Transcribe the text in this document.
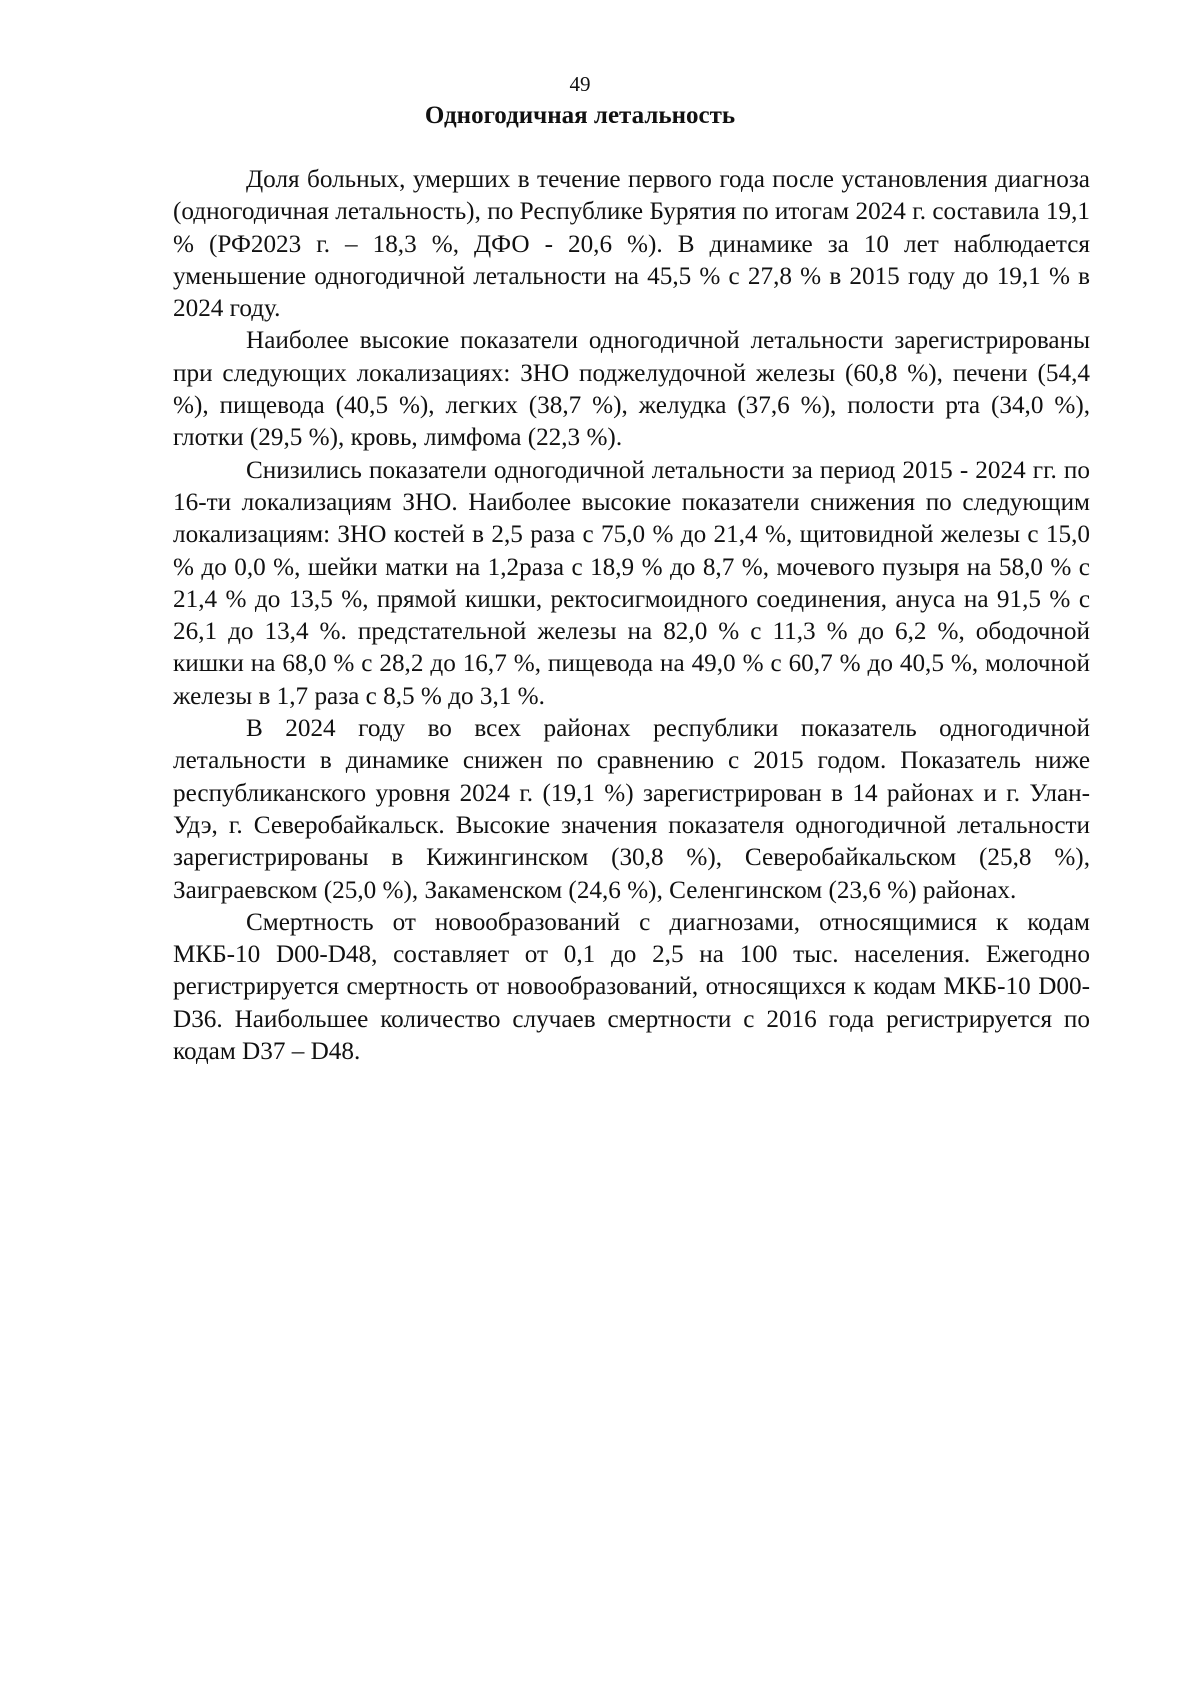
49
Одногодичная летальность

Доля больных, умерших в течение первого года после установления диагноза (одногодичная летальность), по Республике Бурятия по итогам 2024 г. составила 19,1 % (РФ2023 г. – 18,3 %, ДФО - 20,6 %). В динамике за 10 лет наблюдается уменьшение одногодичной летальности на 45,5 % с 27,8 % в 2015 году до 19,1 % в 2024 году.

Наиболее высокие показатели одногодичной летальности зарегистрированы при следующих локализациях: ЗНО поджелудочной железы (60,8 %), печени (54,4 %), пищевода (40,5 %), легких (38,7 %), желудка (37,6 %), полости рта (34,0 %), глотки (29,5 %), кровь, лимфома (22,3 %).

Снизились показатели одногодичной летальности за период 2015 - 2024 гг. по 16-ти локализациям ЗНО. Наиболее высокие показатели снижения по следующим локализациям: ЗНО костей в 2,5 раза с 75,0 % до 21,4 %, щитовидной железы с 15,0 % до 0,0 %, шейки матки на 1,2раза с 18,9 % до 8,7 %, мочевого пузыря на 58,0 % с 21,4 % до 13,5 %, прямой кишки, ректосигмоидного соединения, ануса на 91,5 % с 26,1 до 13,4 %. предстательной железы на 82,0 % с 11,3 % до 6,2 %, ободочной кишки на 68,0 % с 28,2 до 16,7 %, пищевода на 49,0 % с 60,7 % до 40,5 %, молочной железы в 1,7 раза с 8,5 % до 3,1 %.

В 2024 году во всех районах республики показатель одногодичной летальности в динамике снижен по сравнению с 2015 годом. Показатель ниже республиканского уровня 2024 г. (19,1 %) зарегистрирован в 14 районах и г. Улан-Удэ, г. Северобайкальск. Высокие значения показателя одногодичной летальности зарегистрированы в Кижингинском (30,8 %), Северобайкальском (25,8 %), Заиграевском (25,0 %), Закаменском (24,6 %), Селенгинском (23,6 %) районах.

Смертность от новообразований с диагнозами, относящимися к кодам МКБ-10 D00-D48, составляет от 0,1 до 2,5 на 100 тыс. населения. Ежегодно регистрируется смертность от новообразований, относящихся к кодам МКБ-10 D00-D36. Наибольшее количество случаев смертности с 2016 года регистрируется по кодам D37 – D48.
